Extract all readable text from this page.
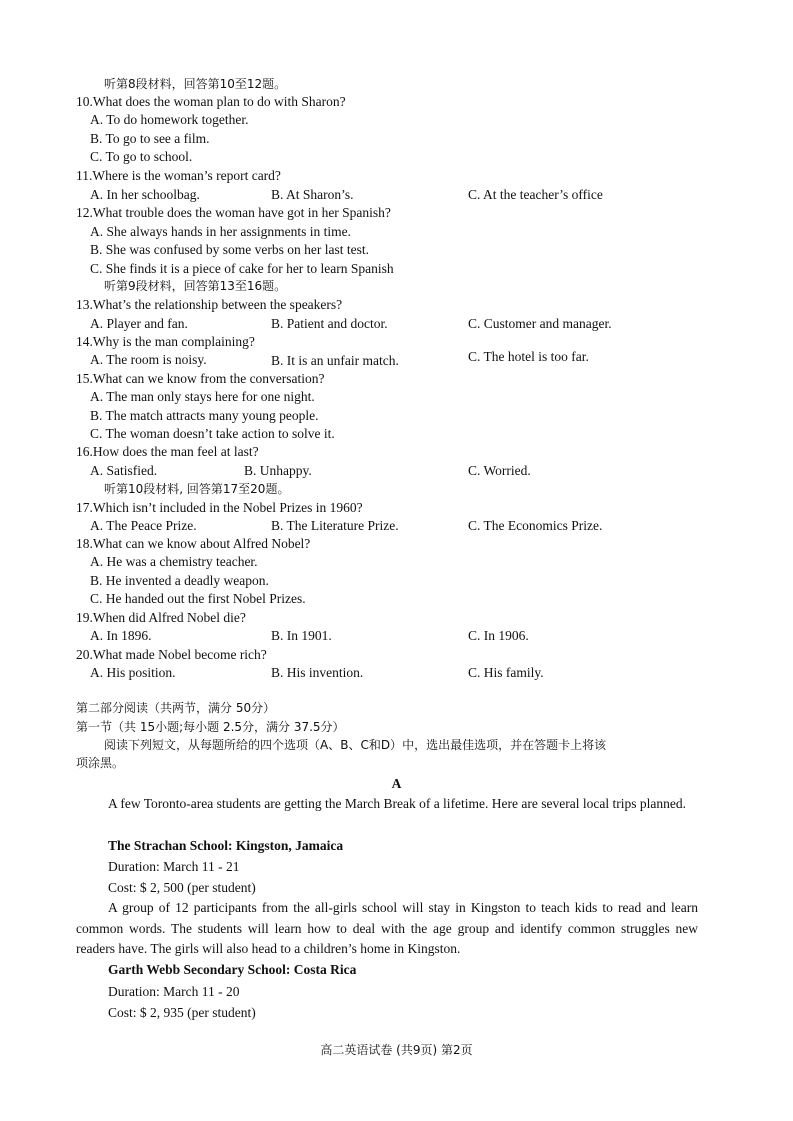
听第8段材料，回答第10至12题。
10.What does the woman plan to do with Sharon?
A. To do homework together.
B. To go to see a film.
C. To go to school.
11.Where is the woman’s report card?
A. In her schoolbag.	B. At Sharon’s.	C. At the teacher’s office
12.What trouble does the woman have got in her Spanish?
A. She always hands in her assignments in time.
B. She was confused by some verbs on her last test.
C. She finds it is a piece of cake for her to learn Spanish
听第9段材料，回答第13至16题。
13.What’s the relationship between the speakers?
A. Player and fan.	B. Patient and doctor.	C. Customer and manager.
14.Why is the man complaining?
A. The room is noisy.	B. It is an unfair match.	C. The hotel is too far.
15.What can we know from the conversation?
A. The man only stays here for one night.
B. The match attracts many young people.
C. The woman doesn’t take action to solve it.
16.How does the man feel at last?
A. Satisfied.	B. Unhappy.	C. Worried.
听第10段材料, 回答第17至20题。
17.Which isn’t included in the Nobel Prizes in 1960?
A. The Peace Prize.	B. The Literature Prize.	C. The Economics Prize.
18.What can we know about Alfred Nobel?
A. He was a chemistry teacher.
B. He invented a deadly weapon.
C. He handed out the first Nobel Prizes.
19.When did Alfred Nobel die?
A. In 1896.	B. In 1901.	C. In 1906.
20.What made Nobel become rich?
A. His position.	B. His invention.	C. His family.
第二部分阅读（共两节，满分 50分）
第一节（共 15小题;每小题 2.5分，满分 37.5分）
阅读下列短文，从每题所给的四个选项（A、B、C和D）中，选出最佳选项，并在答题卡上将该
项涂黑。
A
A few Toronto-area students are getting the March Break of a lifetime. Here are several local trips planned.
The Strachan School: Kingston, Jamaica
Duration: March 11 - 21
Cost: $ 2, 500 (per student)
A group of 12 participants from the all-girls school will stay in Kingston to teach kids to read and learn common words. The students will learn how to deal with the age group and identify common struggles new readers have. The girls will also head to a children’s home in Kingston.
Garth Webb Secondary School: Costa Rica
Duration: March 11 - 20
Cost: $ 2, 935 (per student)
高二英语试卷 (共9页) 第2页
